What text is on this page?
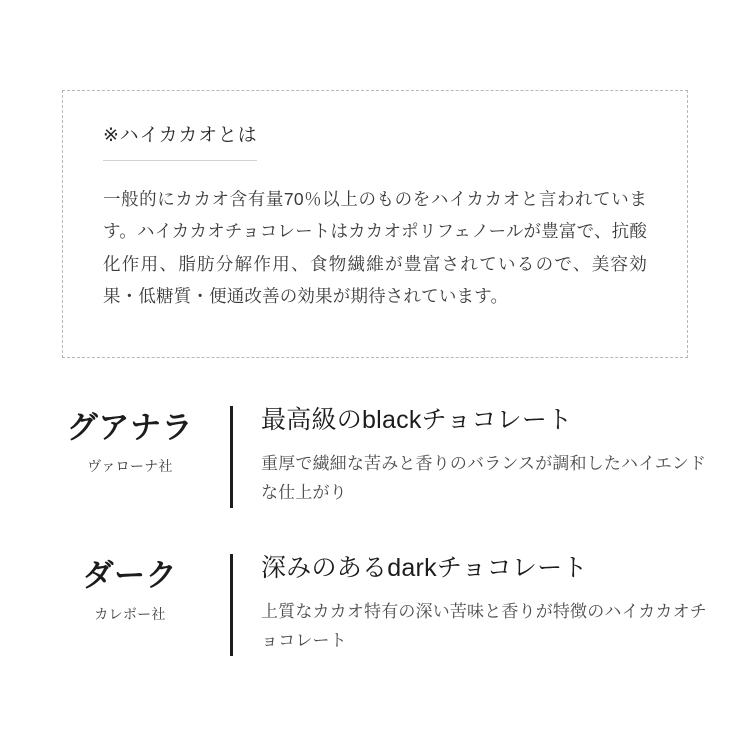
※ハイカカオとは

一般的にカカオ含有量70％以上のものをハイカカオと言われています。ハイカカオチョコレートはカカオポリフェノールが豊富で、抗酸化作用、脂肪分解作用、食物繊維が豊富されているので、美容効果・低糖質・便通改善の効果が期待されています。

グアナラ
ヴァローナ社
最高級のblackチョコレート

重厚で繊細な苦みと香りのバランスが調和したハイエンドな仕上がり

ダーク
カレボー社
深みのあるdarkチョコレート

上質なカカオ特有の深い苦味と香りが特徴のハイカカオチョコレート
